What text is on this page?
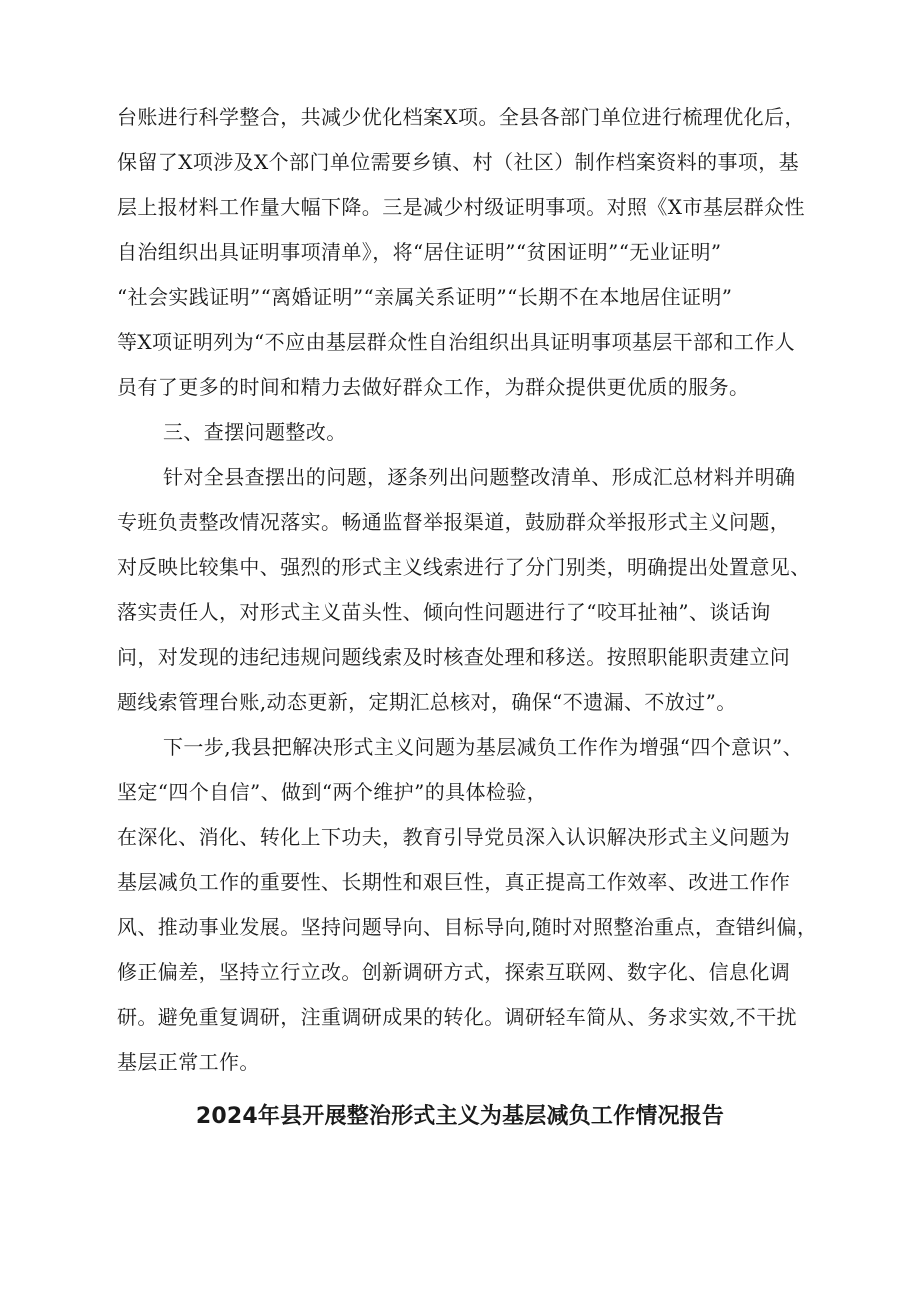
台账进行科学整合，共减少优化档案X项。全县各部门单位进行梳理优化后，
保留了X项涉及X个部门单位需要乡镇、村（社区）制作档案资料的事项，基
层上报材料工作量大幅下降。三是减少村级证明事项。对照《X市基层群众性
自治组织出具证明事项清单》，将“居住证明”“贫困证明”“无业证明”
“社会实践证明”“离婚证明”“亲属关系证明”“长期不在本地居住证明”
等X项证明列为“不应由基层群众性自治组织出具证明事项基层干部和工作人
员有了更多的时间和精力去做好群众工作，为群众提供更优质的服务。
三、查摆问题整改。
针对全县查摆出的问题，逐条列出问题整改清单、形成汇总材料并明确
专班负责整改情况落实。畅通监督举报渠道，鼓励群众举报形式主义问题，
对反映比较集中、强烈的形式主义线索进行了分门别类，明确提出处置意见、
落实责任人，对形式主义苗头性、倾向性问题进行了“咬耳扯袖”、谈话询
问，对发现的违纪违规问题线索及时核查处理和移送。按照职能职责建立问
题线索管理台账,动态更新，定期汇总核对，确保“不遗漏、不放过”。
下一步,我县把解决形式主义问题为基层减负工作作为增强“四个意识”、
坚定“四个自信”、做到“两个维护”的具体检验，
在深化、消化、转化上下功夫，教育引导党员深入认识解决形式主义问题为
基层减负工作的重要性、长期性和艰巨性，真正提高工作效率、改进工作作
风、推动事业发展。坚持问题导向、目标导向,随时对照整治重点，查错纠偏，
修正偏差，坚持立行立改。创新调研方式，探索互联网、数字化、信息化调
研。避免重复调研，注重调研成果的转化。调研轻车简从、务求实效,不干扰
基层正常工作。
2024年县开展整治形式主义为基层减负工作情况报告
